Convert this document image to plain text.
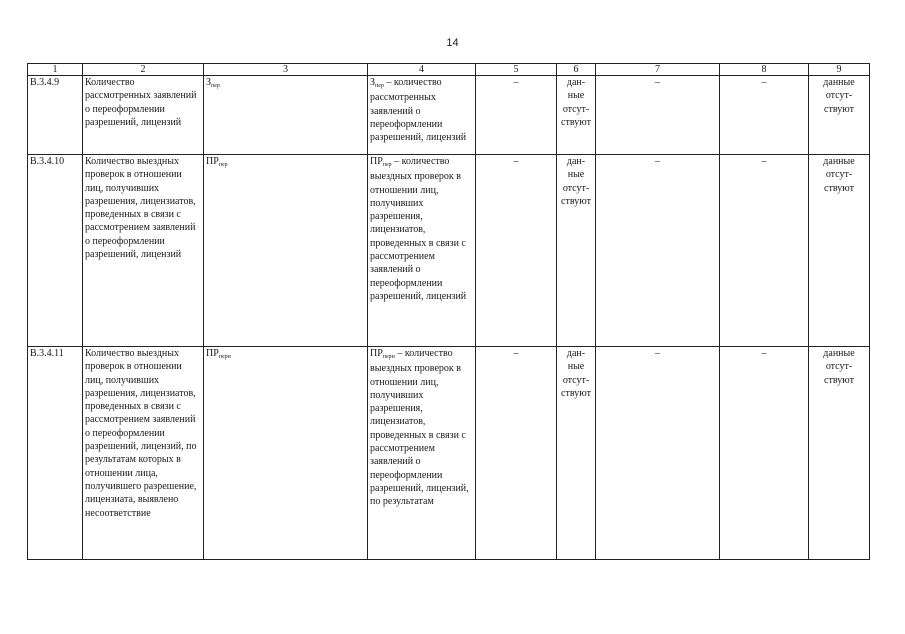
14
1	2	3	4	5	6	7	8	9
В.3.4.9	Количество рассмотренных заявлений о переоформлении разрешений, лицензий	$З_{пер}$	$З_{пер}$ – количество рассмотренных заявлений о переоформлении разрешений, лицензий	–	дан-ные отсут-ствуют	–	–	данные отсут-ствуют
В.3.4.10	Количество выездных проверок в отношении лиц, получивших разрешения, лицензиатов, проведенных в связи с рассмотрением заявлений о переоформлении разрешений, лицензий	$ПР_{пер}$	$ПР_{пер}$ – количество выездных проверок в отношении лиц, получивших разрешения, лицензиатов, проведенных в связи с рассмотрением заявлений о переоформлении разрешений, лицензий	–	дан-ные отсут-ствуют	–	–	данные отсут-ствуют
В.3.4.11	Количество выездных проверок в отношении лиц, получивших разрешения, лицензиатов, проведенных в связи с рассмотрением заявлений о переоформлении разрешений, лицензий, по результатам которых в отношении лица, получившего разрешение, лицензиата, выявлено несоответствие	$ПР_{перн}$	$ПР_{перн}$ – количество выездных проверок в отношении лиц, получивших разрешения, лицензиатов, проведенных в связи с рассмотрением заявлений о переоформлении разрешений, лицензий, по результатам	–	дан-ные отсут-ствуют	–	–	данные отсут-ствуют
